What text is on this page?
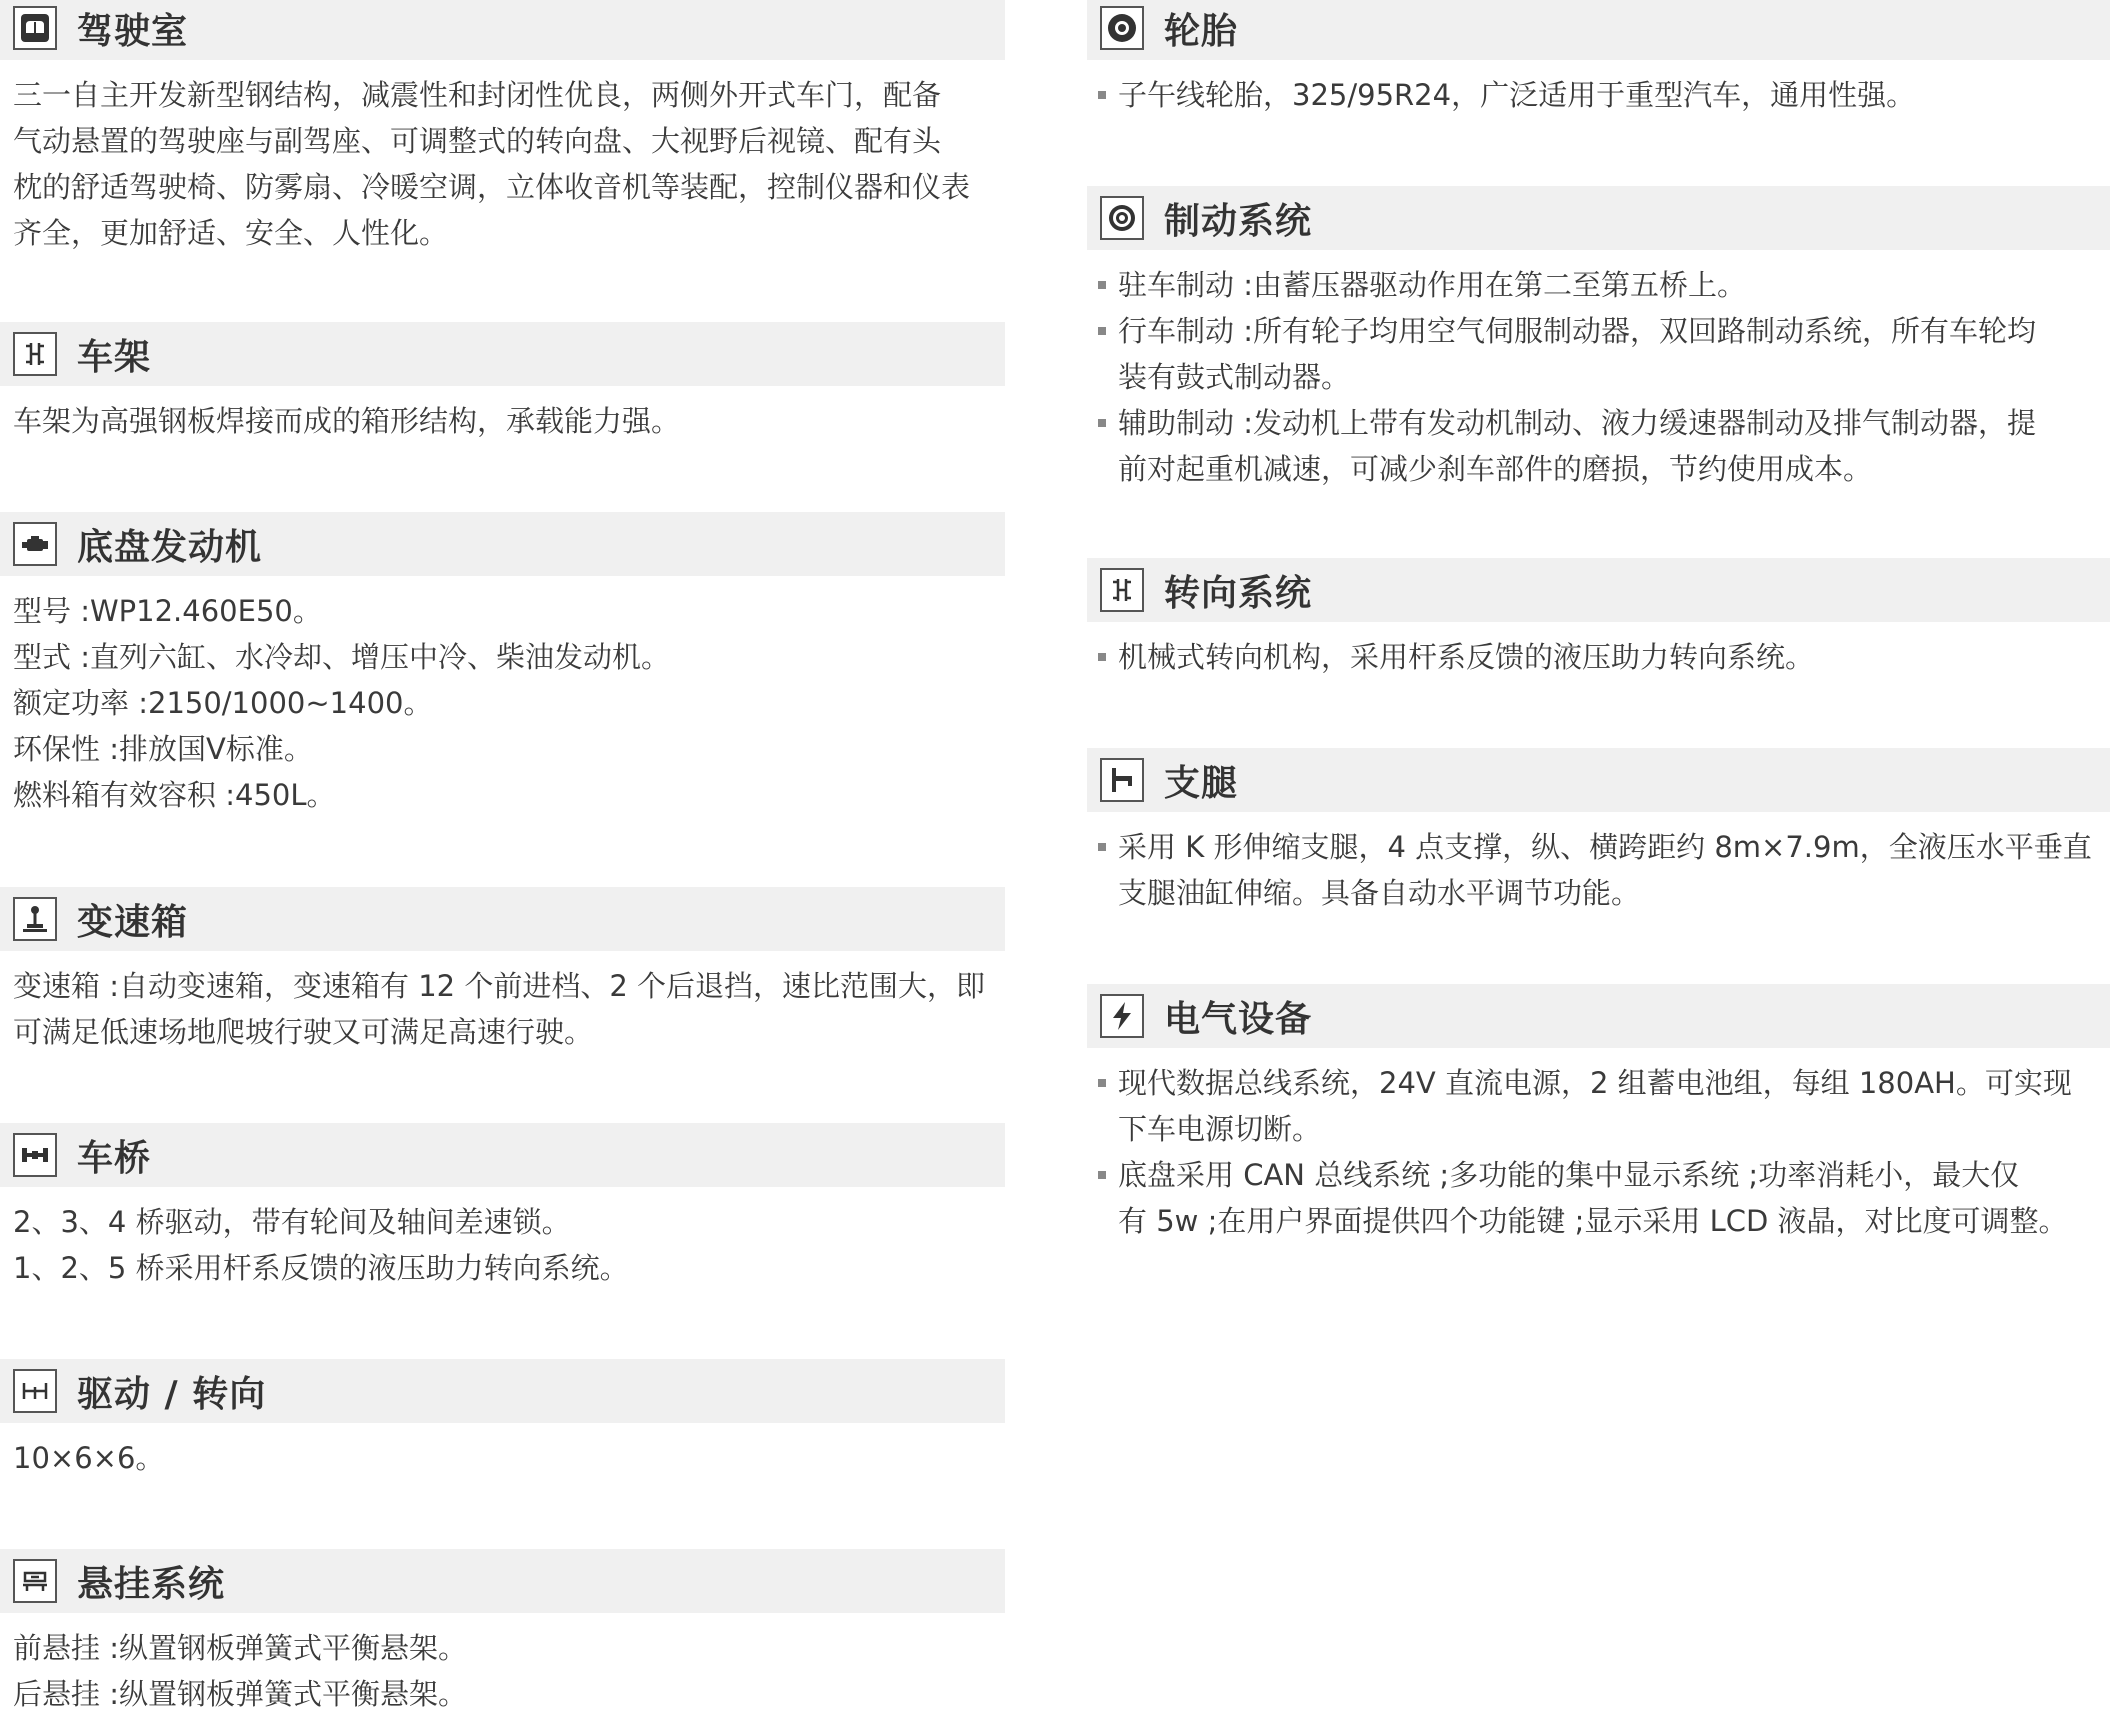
驾驶室
三一自主开发新型钢结构，减震性和封闭性优良，两侧外开式车门，配备
气动悬置的驾驶座与副驾座、可调整式的转向盘、大视野后视镜、配有头
枕的舒适驾驶椅、防雾扇、冷暖空调，立体收音机等装配，控制仪器和仪表
齐全，更加舒适、安全、人性化。
车架
车架为高强钢板焊接而成的箱形结构，承载能力强。
底盘发动机
型号 :WP12.460E50。
型式 :直列六缸、水冷却、增压中冷、柴油发动机。
额定功率 :2150/1000~1400。
环保性 :排放国Ⅴ标准。
燃料箱有效容积 :450L。
变速箱
变速箱 :自动变速箱，变速箱有 12 个前进档、2 个后退挡，速比范围大，即
可满足低速场地爬坡行驶又可满足高速行驶。
车桥
2、3、4 桥驱动，带有轮间及轴间差速锁。
1、2、5 桥采用杆系反馈的液压助力转向系统。
驱动 / 转向
10×6×6。
悬挂系统
前悬挂 :纵置钢板弹簧式平衡悬架。
后悬挂 :纵置钢板弹簧式平衡悬架。
轮胎
子午线轮胎，325/95R24，广泛适用于重型汽车，通用性强。
制动系统
驻车制动 :由蓄压器驱动作用在第二至第五桥上。
行车制动 :所有轮子均用空气伺服制动器，双回路制动系统，所有车轮均
装有鼓式制动器。
辅助制动 :发动机上带有发动机制动、液力缓速器制动及排气制动器，提
前对起重机减速，可减少刹车部件的磨损，节约使用成本。
转向系统
机械式转向机构，采用杆系反馈的液压助力转向系统。
支腿
采用 K 形伸缩支腿，4 点支撑，纵、横跨距约 8m×7.9m，全液压水平垂直
支腿油缸伸缩。具备自动水平调节功能。
电气设备
现代数据总线系统，24V 直流电源，2 组蓄电池组，每组 180AH。可实现
下车电源切断。
底盘采用 CAN 总线系统 ;多功能的集中显示系统 ;功率消耗小，最大仅
有 5w ;在用户界面提供四个功能键 ;显示采用 LCD 液晶，对比度可调整。
